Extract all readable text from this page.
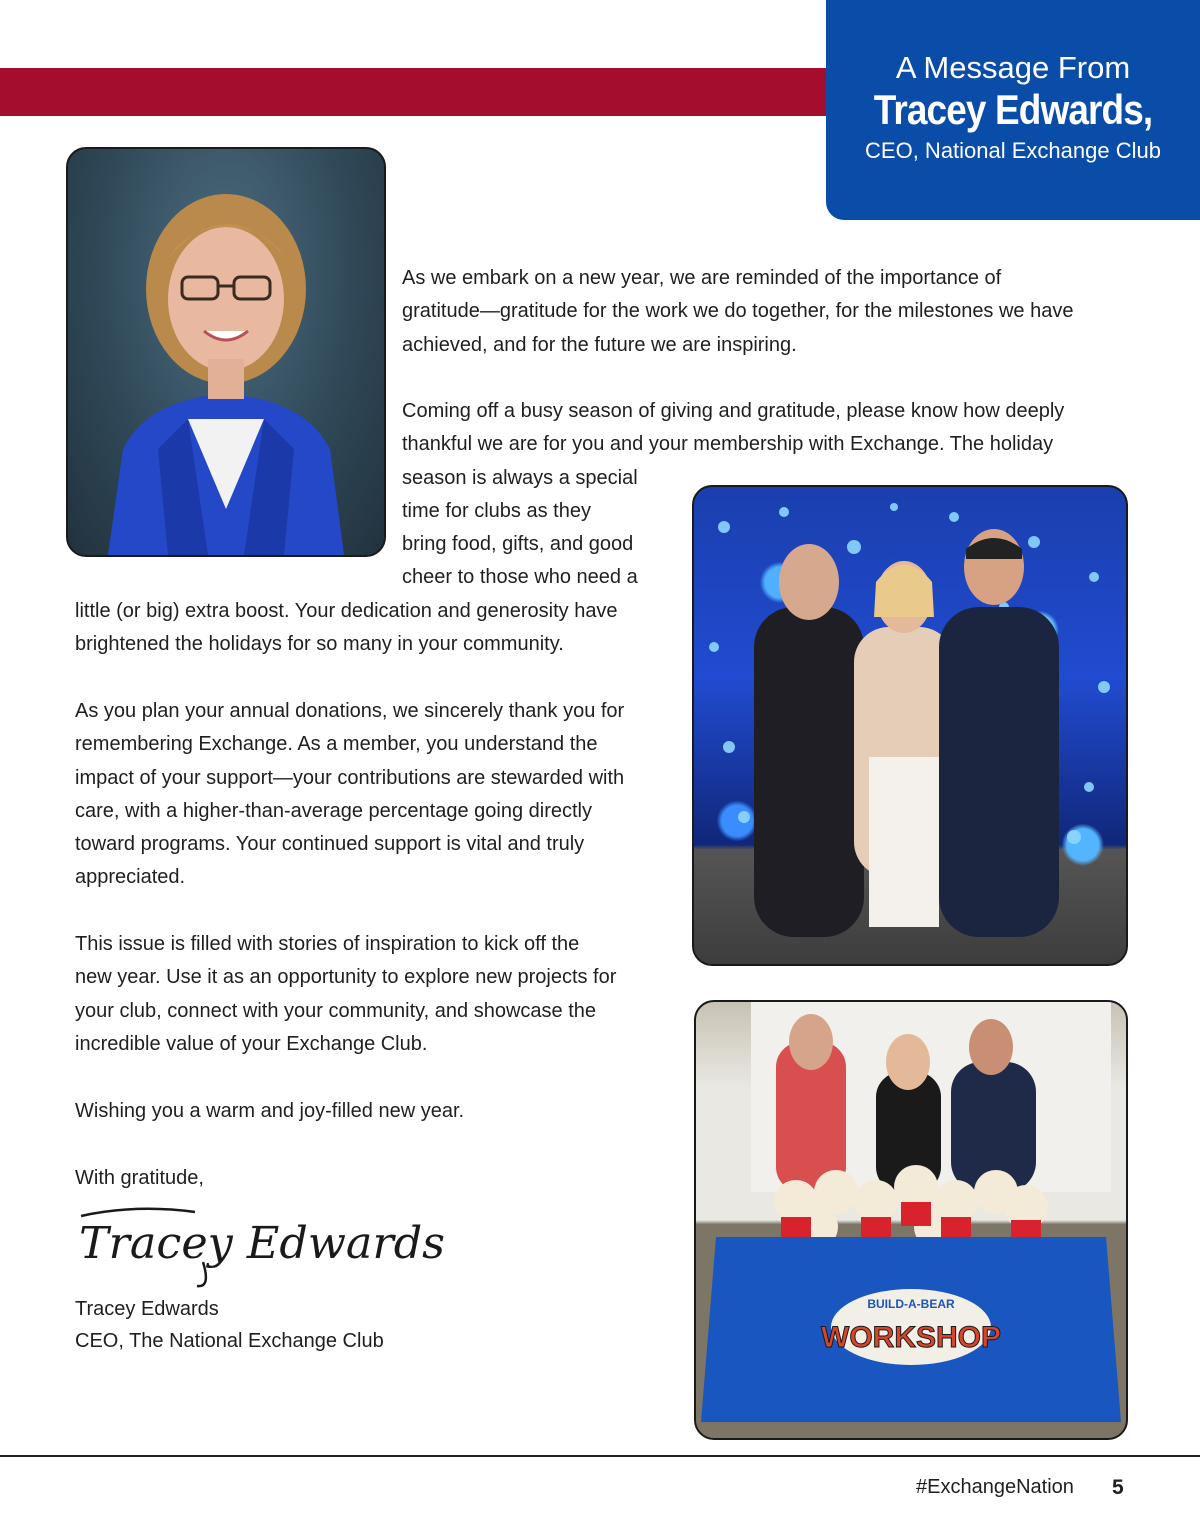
A Message From
Tracey Edwards,
CEO, National Exchange Club
BUILD-A-BEAR
WORKSHOP

As we embark on a new year, we are reminded of the importance of

gratitude—gratitude for the work we do together, for the milestones we have

achieved, and for the future we are inspiring.

Coming off a busy season of giving and gratitude, please know how deeply

thankful we are for you and your membership with Exchange. The holiday

season is always a special

time for clubs as they

bring food, gifts, and good

cheer to those who need a

little (or big) extra boost. Your dedication and generosity have

brightened the holidays for so many in your community.

As you plan your annual donations, we sincerely thank you for

remembering Exchange. As a member, you understand the

impact of your support—your contributions are stewarded with

care, with a higher-than-average percentage going directly

toward programs. Your continued support is vital and truly

appreciated.

This issue is filled with stories of inspiration to kick off the

new year. Use it as an opportunity to explore new projects for

your club, connect with your community, and showcase the

incredible value of your Exchange Club.

Wishing you a warm and joy-filled new year.
With gratitude,
Tracey Edwards
Tracey Edwards
CEO, The National Exchange Club
#ExchangeNation 5
